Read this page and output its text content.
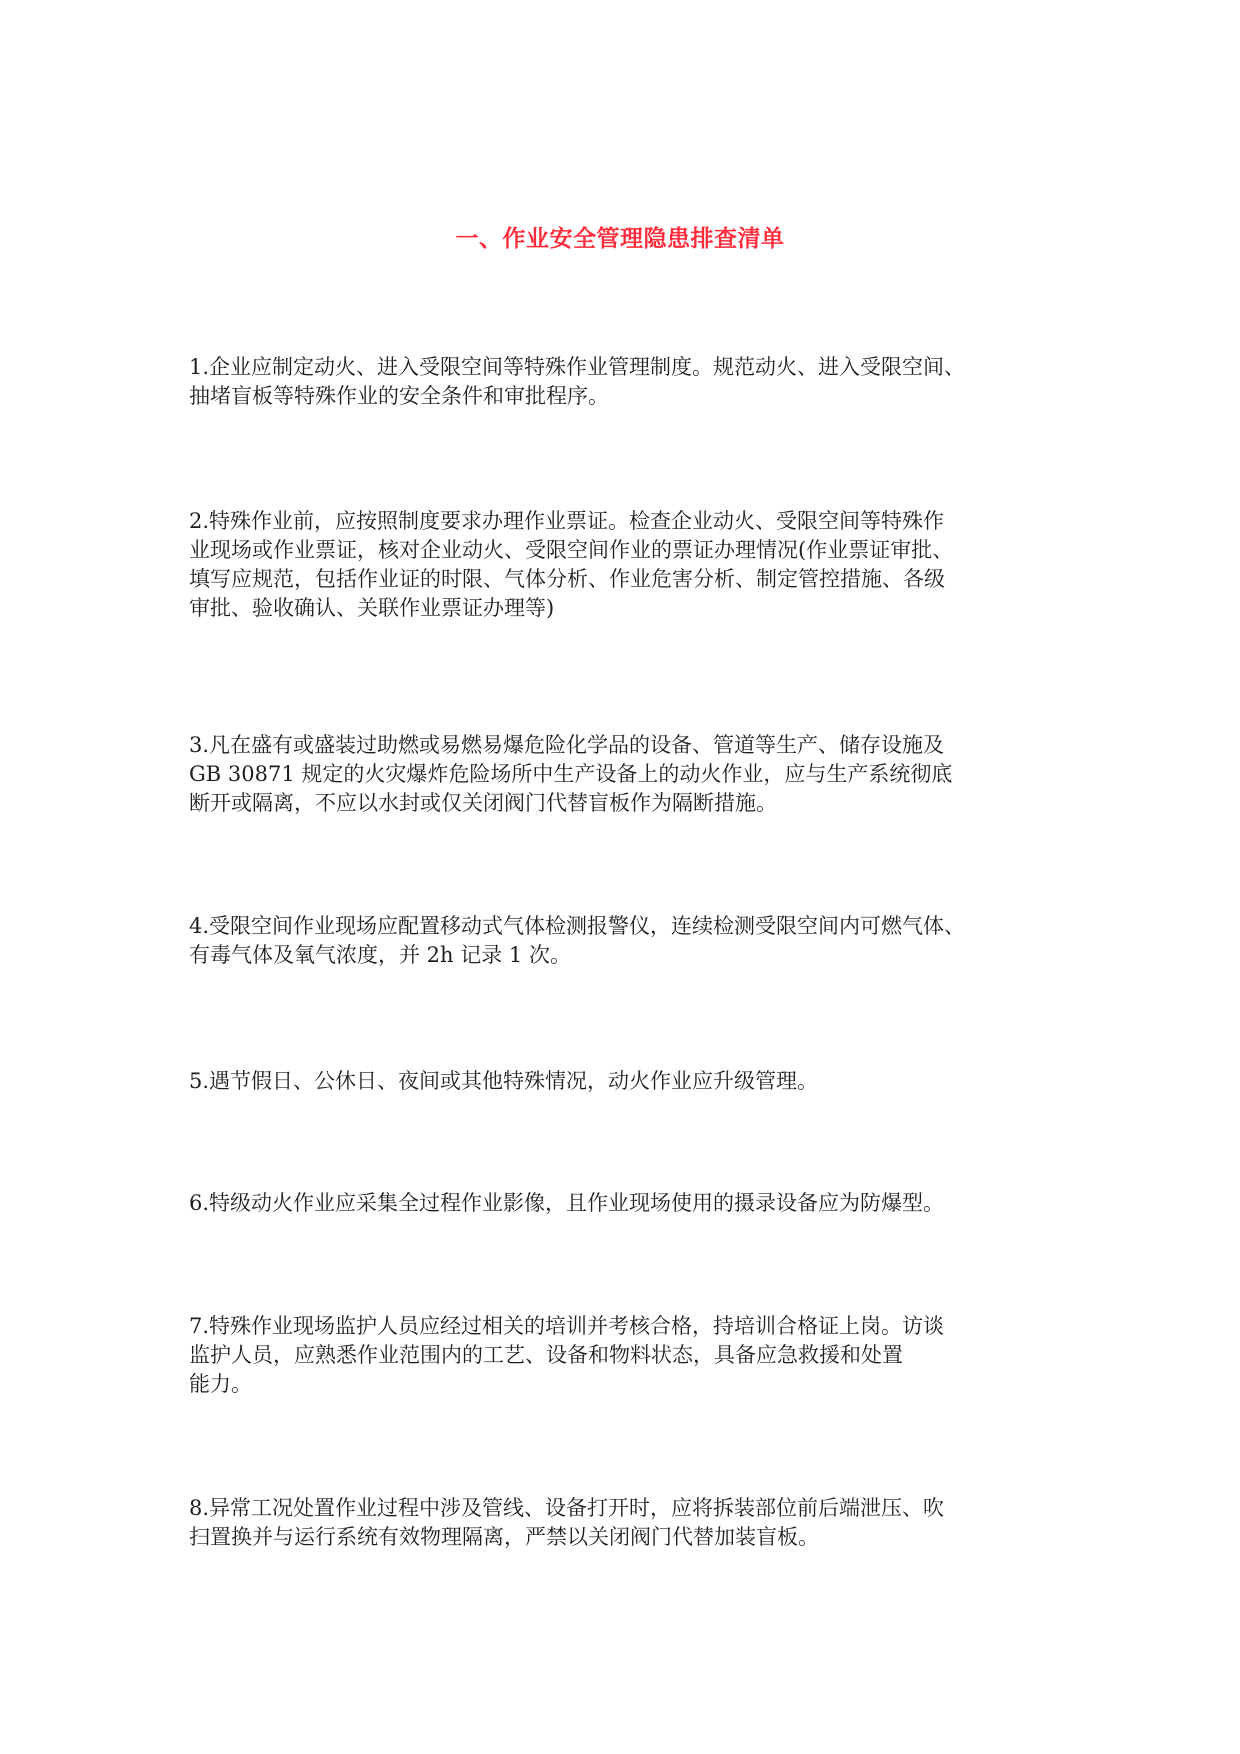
一、作业安全管理隐患排查清单

1.企业应制定动火、进入受限空间等特殊作业管理制度。规范动火、进入受限空间、
抽堵盲板等特殊作业的安全条件和审批程序。

2.特殊作业前，应按照制度要求办理作业票证。检查企业动火、受限空间等特殊作
业现场或作业票证，核对企业动火、受限空间作业的票证办理情况(作业票证审批、
填写应规范，包括作业证的时限、气体分析、作业危害分析、制定管控措施、各级
审批、验收确认、关联作业票证办理等)

3.凡在盛有或盛装过助燃或易燃易爆危险化学品的设备、管道等生产、储存设施及
GB 30871 规定的火灾爆炸危险场所中生产设备上的动火作业，应与生产系统彻底
断开或隔离，不应以水封或仅关闭阀门代替盲板作为隔断措施。

4.受限空间作业现场应配置移动式气体检测报警仪，连续检测受限空间内可燃气体、
有毒气体及氧气浓度，并 2h 记录 1 次。

5.遇节假日、公休日、夜间或其他特殊情况，动火作业应升级管理。

6.特级动火作业应采集全过程作业影像，且作业现场使用的摄录设备应为防爆型。

7.特殊作业现场监护人员应经过相关的培训并考核合格，持培训合格证上岗。访谈
监护人员，应熟悉作业范围内的工艺、设备和物料状态，具备应急救援和处置
能力。

8.异常工况处置作业过程中涉及管线、设备打开时，应将拆装部位前后端泄压、吹
扫置换并与运行系统有效物理隔离，严禁以关闭阀门代替加装盲板。
